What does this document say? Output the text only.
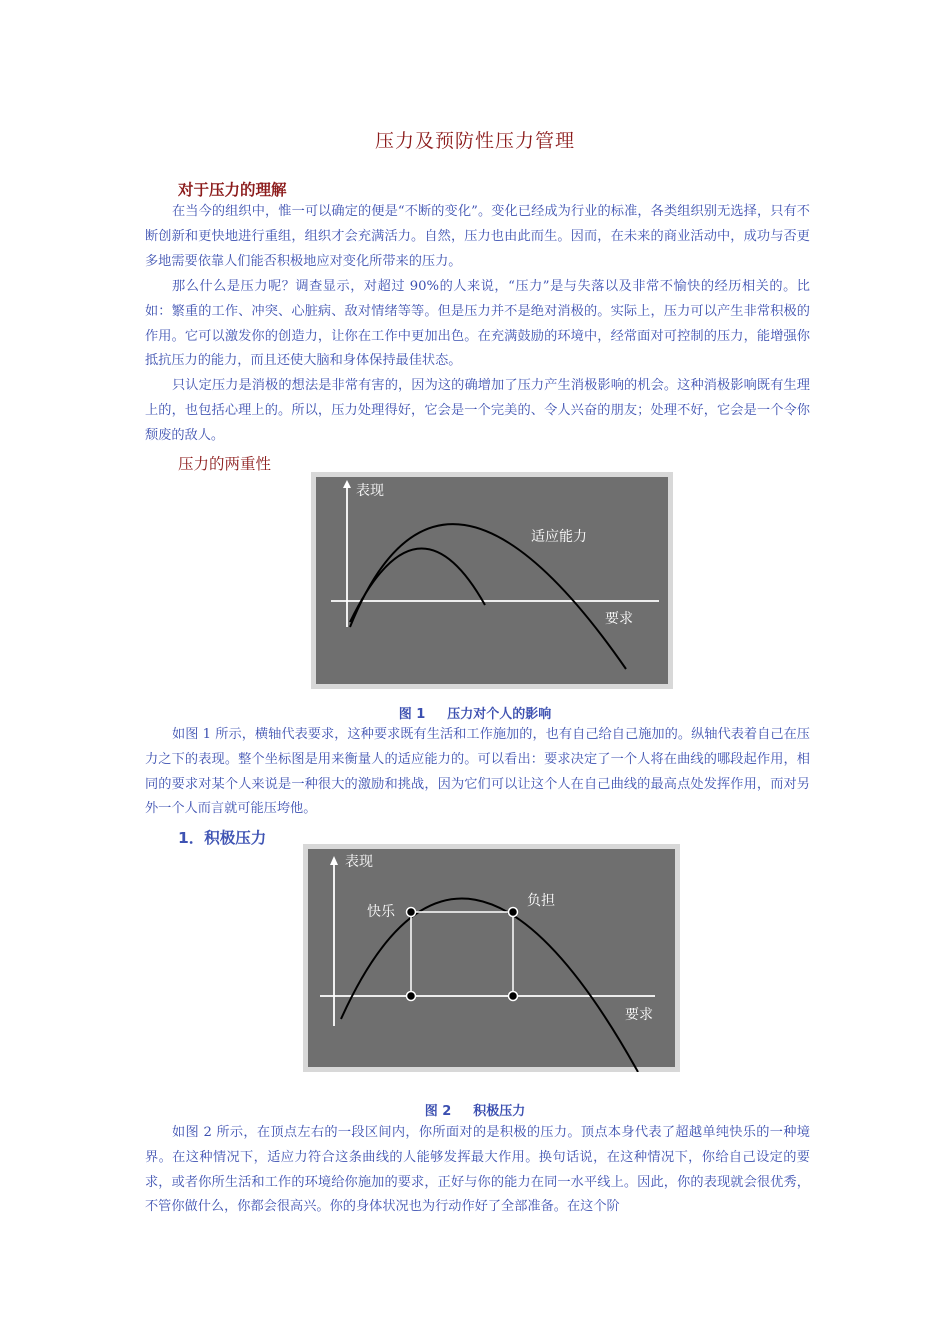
压力及预防性压力管理
对于压力的理解

在当今的组织中，惟一可以确定的便是“不断的变化”。变化已经成为行业的标准，各类组织别无选择，只有不断创新和更快地进行重组，组织才会充满活力。自然，压力也由此而生。因而，在未来的商业活动中，成功与否更多地需要依靠人们能否积极地应对变化所带来的压力。

那么什么是压力呢？调查显示，对超过 90%的人来说，“压力”是与失落以及非常不愉快的经历相关的。比如：繁重的工作、冲突、心脏病、敌对情绪等等。但是压力并不是绝对消极的。实际上，压力可以产生非常积极的作用。它可以激发你的创造力，让你在工作中更加出色。在充满鼓励的环境中，经常面对可控制的压力，能增强你抵抗压力的能力，而且还使大脑和身体保持最佳状态。

只认定压力是消极的想法是非常有害的，因为这的确增加了压力产生消极影响的机会。这种消极影响既有生理上的，也包括心理上的。所以，压力处理得好，它会是一个完美的、令人兴奋的朋友；处理不好，它会是一个令你颓废的敌人。

压力的两重性
表现
适应能力
要求
图 1 压力对个人的影响

如图 1 所示，横轴代表要求，这种要求既有生活和工作施加的，也有自己给自己施加的。纵轴代表着自己在压力之下的表现。整个坐标图是用来衡量人的适应能力的。可以看出：要求决定了一个人将在曲线的哪段起作用，相同的要求对某个人来说是一种很大的激励和挑战，因为它们可以让这个人在自己曲线的最高点处发挥作用，而对另外一个人而言就可能压垮他。

1．积极压力
表现
快乐
负担
要求
图 2 积极压力

如图 2 所示，在顶点左右的一段区间内，你所面对的是积极的压力。顶点本身代表了超越单纯快乐的一种境界。在这种情况下，适应力符合这条曲线的人能够发挥最大作用。换句话说，在这种情况下，你给自己设定的要求，或者你所生活和工作的环境给你施加的要求，正好与你的能力在同一水平线上。因此，你的表现就会很优秀，不管你做什么，你都会很高兴。你的身体状况也为行动作好了全部准备。在这个阶
